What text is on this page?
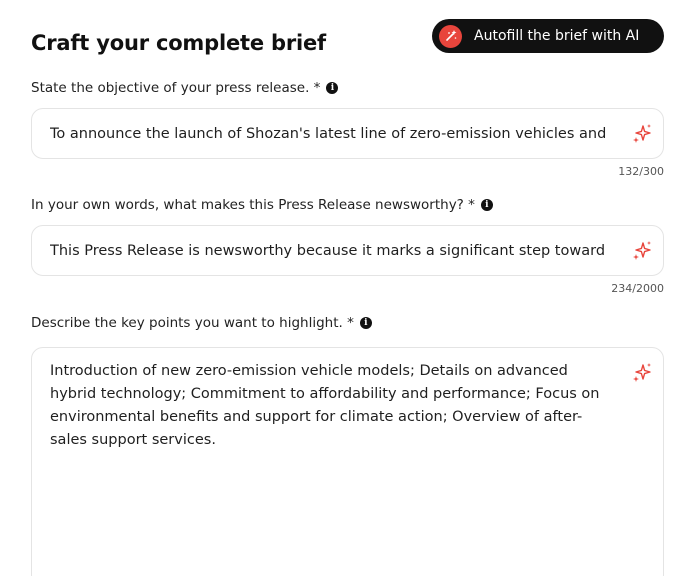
Craft your complete brief	Autofill the brief with AI
State the objective of your press release. *	i
To announce the launch of Shozan's latest line of zero-emission vehicles and
132/300
In your own words, what makes this Press Release newsworthy? *	i
This Press Release is newsworthy because it marks a significant step toward
234/2000
Describe the key points you want to highlight. *	i
Introduction of new zero-emission vehicle models; Details on advanced hybrid technology; Commitment to affordability and performance; Focus on environmental benefits and support for climate action; Overview of after-sales support services.
